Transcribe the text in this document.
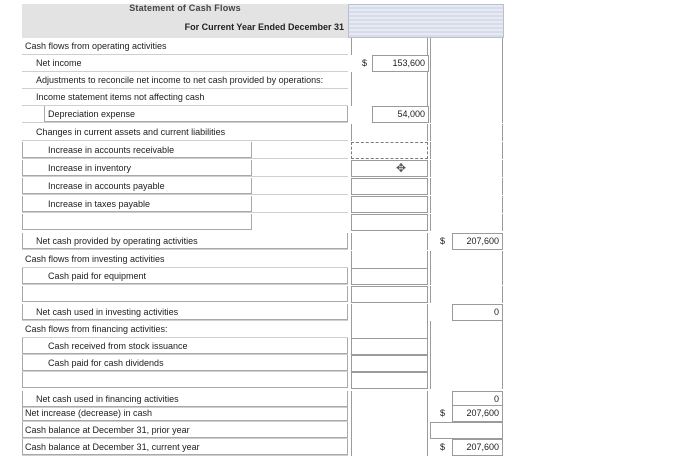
Statement of Cash Flows
For Current Year Ended December 31
Cash flows from operating activities
Net income	$	153,600
Adjustments to reconcile net income to net cash provided by operations:
Income statement items not affecting cash
Depreciation expense	54,000
Changes in current assets and current liabilities
Increase in accounts receivable
Increase in inventory	✥
Increase in accounts payable
Increase in taxes payable
Net cash provided by operating activities	$	207,600
Cash flows from investing activities
Cash paid for equipment
Net cash used in investing activities	0
Cash flows from financing activities:
Cash received from stock issuance
Cash paid for cash dividends
Net cash used in financing activities	0
Net increase (decrease) in cash	$	207,600
Cash balance at December 31, prior year
Cash balance at December 31, current year	$	207,600
